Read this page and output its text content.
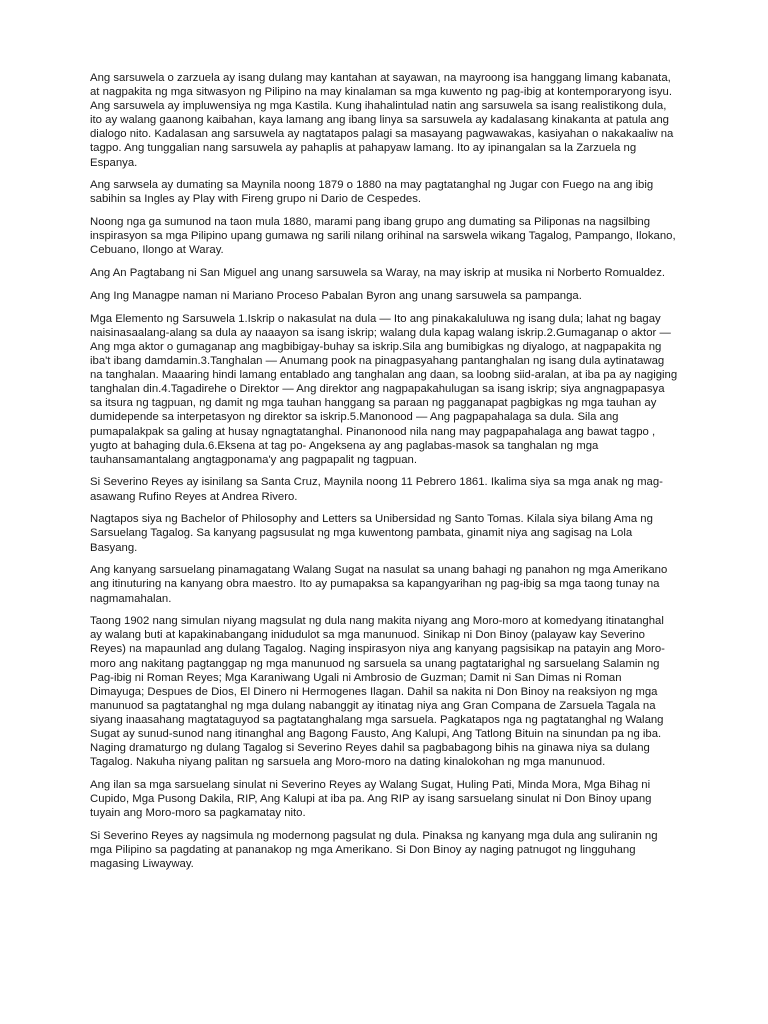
Ang sarsuwela o zarzuela ay isang dulang may kantahan at sayawan, na mayroong isa hanggang limang kabanata, at nagpakita ng mga sitwasyon ng Pilipino na may kinalaman sa mga kuwento ng pag-ibig at kontemporaryong isyu. Ang sarsuwela ay impluwensiya ng mga Kastila. Kung ihahalintulad natin ang sarsuwela sa isang realistikong dula, ito ay walang gaanong kaibahan, kaya lamang ang ibang linya sa sarsuwela ay kadalasang kinakanta at patula ang dialogo nito. Kadalasan ang sarsuwela ay nagtatapos palagi sa masayang pagwawakas, kasiyahan o nakakaaliw na tagpo. Ang tunggalian nang sarsuwela ay pahaplis at pahapyaw lamang. Ito ay ipinangalan sa la Zarzuela ng Espanya.

Ang sarwsela ay dumating sa Maynila noong 1879 o 1880 na may pagtatanghal ng Jugar con Fuego na ang ibig sabihin sa Ingles ay Play with Fireng grupo ni Dario de Cespedes.

Noong nga ga sumunod na taon mula 1880, marami pang ibang grupo ang dumating sa Piliponas na nagsilbing inspirasyon sa mga Pilipino upang gumawa ng sarili nilang orihinal na sarswela wikang Tagalog, Pampango, Ilokano, Cebuano, Ilongo at Waray.

Ang An Pagtabang ni San Miguel ang unang sarsuwela sa Waray, na may iskrip at musika ni Norberto Romualdez.

Ang Ing Managpe naman ni Mariano Proceso Pabalan Byron ang unang sarsuwela sa pampanga.

Mga Elemento ng Sarsuwela 1.Iskrip o nakasulat na dula — Ito ang pinakakaluluwa ng isang dula; lahat ng bagay naisinasaalang-alang sa dula ay naaayon sa isang iskrip; walang dula kapag walang iskrip.2.Gumaganap o aktor — Ang mga aktor o gumaganap ang magbibigay-buhay sa iskrip.Sila ang bumibigkas ng diyalogo, at nagpapakita ng iba't ibang damdamin.3.Tanghalan — Anumang pook na pinagpasyahang pantanghalan ng isang dula aytinatawag na tanghalan. Maaaring hindi lamang entablado ang tanghalan ang daan, sa loobng siid-aralan, at iba pa ay nagiging tanghalan din.4.Tagadirehe o Direktor — Ang direktor ang nagpapakahulugan sa isang iskrip; siya angnagpapasya sa itsura ng tagpuan, ng damit ng mga tauhan hanggang sa paraan ng pagganapat pagbigkas ng mga tauhan ay dumidepende sa interpetasyon ng direktor sa iskrip.5.Manonood — Ang pagpapahalaga sa dula. Sila ang pumapalakpak sa galing at husay ngnagtatanghal. Pinanonood nila nang may pagpapahalaga ang bawat tagpo , yugto at bahaging dula.6.Eksena at tag po- Angeksena ay ang paglabas-masok sa tanghalan ng mga tauhansamantalang angtagponama'y ang pagpapalit ng tagpuan.

Si Severino Reyes ay isinilang sa Santa Cruz, Maynila noong 11 Pebrero 1861. Ikalima siya sa mga anak ng mag-asawang Rufino Reyes at Andrea Rivero.

Nagtapos siya ng Bachelor of Philosophy and Letters sa Unibersidad ng Santo Tomas. Kilala siya bilang Ama ng Sarsuelang Tagalog. Sa kanyang pagsusulat ng mga kuwentong pambata, ginamit niya ang sagisag na Lola Basyang.

Ang kanyang sarsuelang pinamagatang Walang Sugat na nasulat sa unang bahagi ng panahon ng mga Amerikano ang itinuturing na kanyang obra maestro. Ito ay pumapaksa sa kapangyarihan ng pag-ibig sa mga taong tunay na nagmamahalan.

Taong 1902 nang simulan niyang magsulat ng dula nang makita niyang ang Moro-moro at komedyang itinatanghal ay walang buti at kapakinabangang inidudulot sa mga manunuod. Sinikap ni Don Binoy (palayaw kay Severino Reyes) na mapaunlad ang dulang Tagalog. Naging inspirasyon niya ang kanyang pagsisikap na patayin ang Moro-moro ang nakitang pagtanggap ng mga manunuod ng sarsuela sa unang pagtatarighal ng sarsuelang Salamin ng Pag-ibig ni Roman Reyes; Mga Karaniwang Ugali ni Ambrosio de Guzman; Damit ni San Dimas ni Roman Dimayuga; Despues de Dios, El Dinero ni Hermogenes Ilagan. Dahil sa nakita ni Don Binoy na reaksiyon ng mga manunuod sa pagtatanghal ng mga dulang nabanggit ay itinatag niya ang Gran Compana de Zarsuela Tagala na siyang inaasahang magtataguyod sa pagtatanghalang mga sarsuela. Pagkatapos nga ng pagtatanghal ng Walang Sugat ay sunud-sunod nang itinanghal ang Bagong Fausto, Ang Kalupi, Ang Tatlong Bituin na sinundan pa ng iba. Naging dramaturgo ng dulang Tagalog si Severino Reyes dahil sa pagbabagong bihis na ginawa niya sa dulang Tagalog. Nakuha niyang palitan ng sarsuela ang Moro-moro na dating kinalokohan ng mga manunuod.

Ang ilan sa mga sarsuelang sinulat ni Severino Reyes ay Walang Sugat, Huling Pati, Minda Mora, Mga Bihag ni Cupido, Mga Pusong Dakila, RIP, Ang Kalupi at iba pa. Ang RIP ay isang sarsuelang sinulat ni Don Binoy upang tuyain ang Moro-moro sa pagkamatay nito.

Si Severino Reyes ay nagsimula ng modernong pagsulat ng dula. Pinaksa ng kanyang mga dula ang suliranin ng mga Pilipino sa pagdating at pananakop ng mga Amerikano. Si Don Binoy ay naging patnugot ng lingguhang magasing Liwayway.
